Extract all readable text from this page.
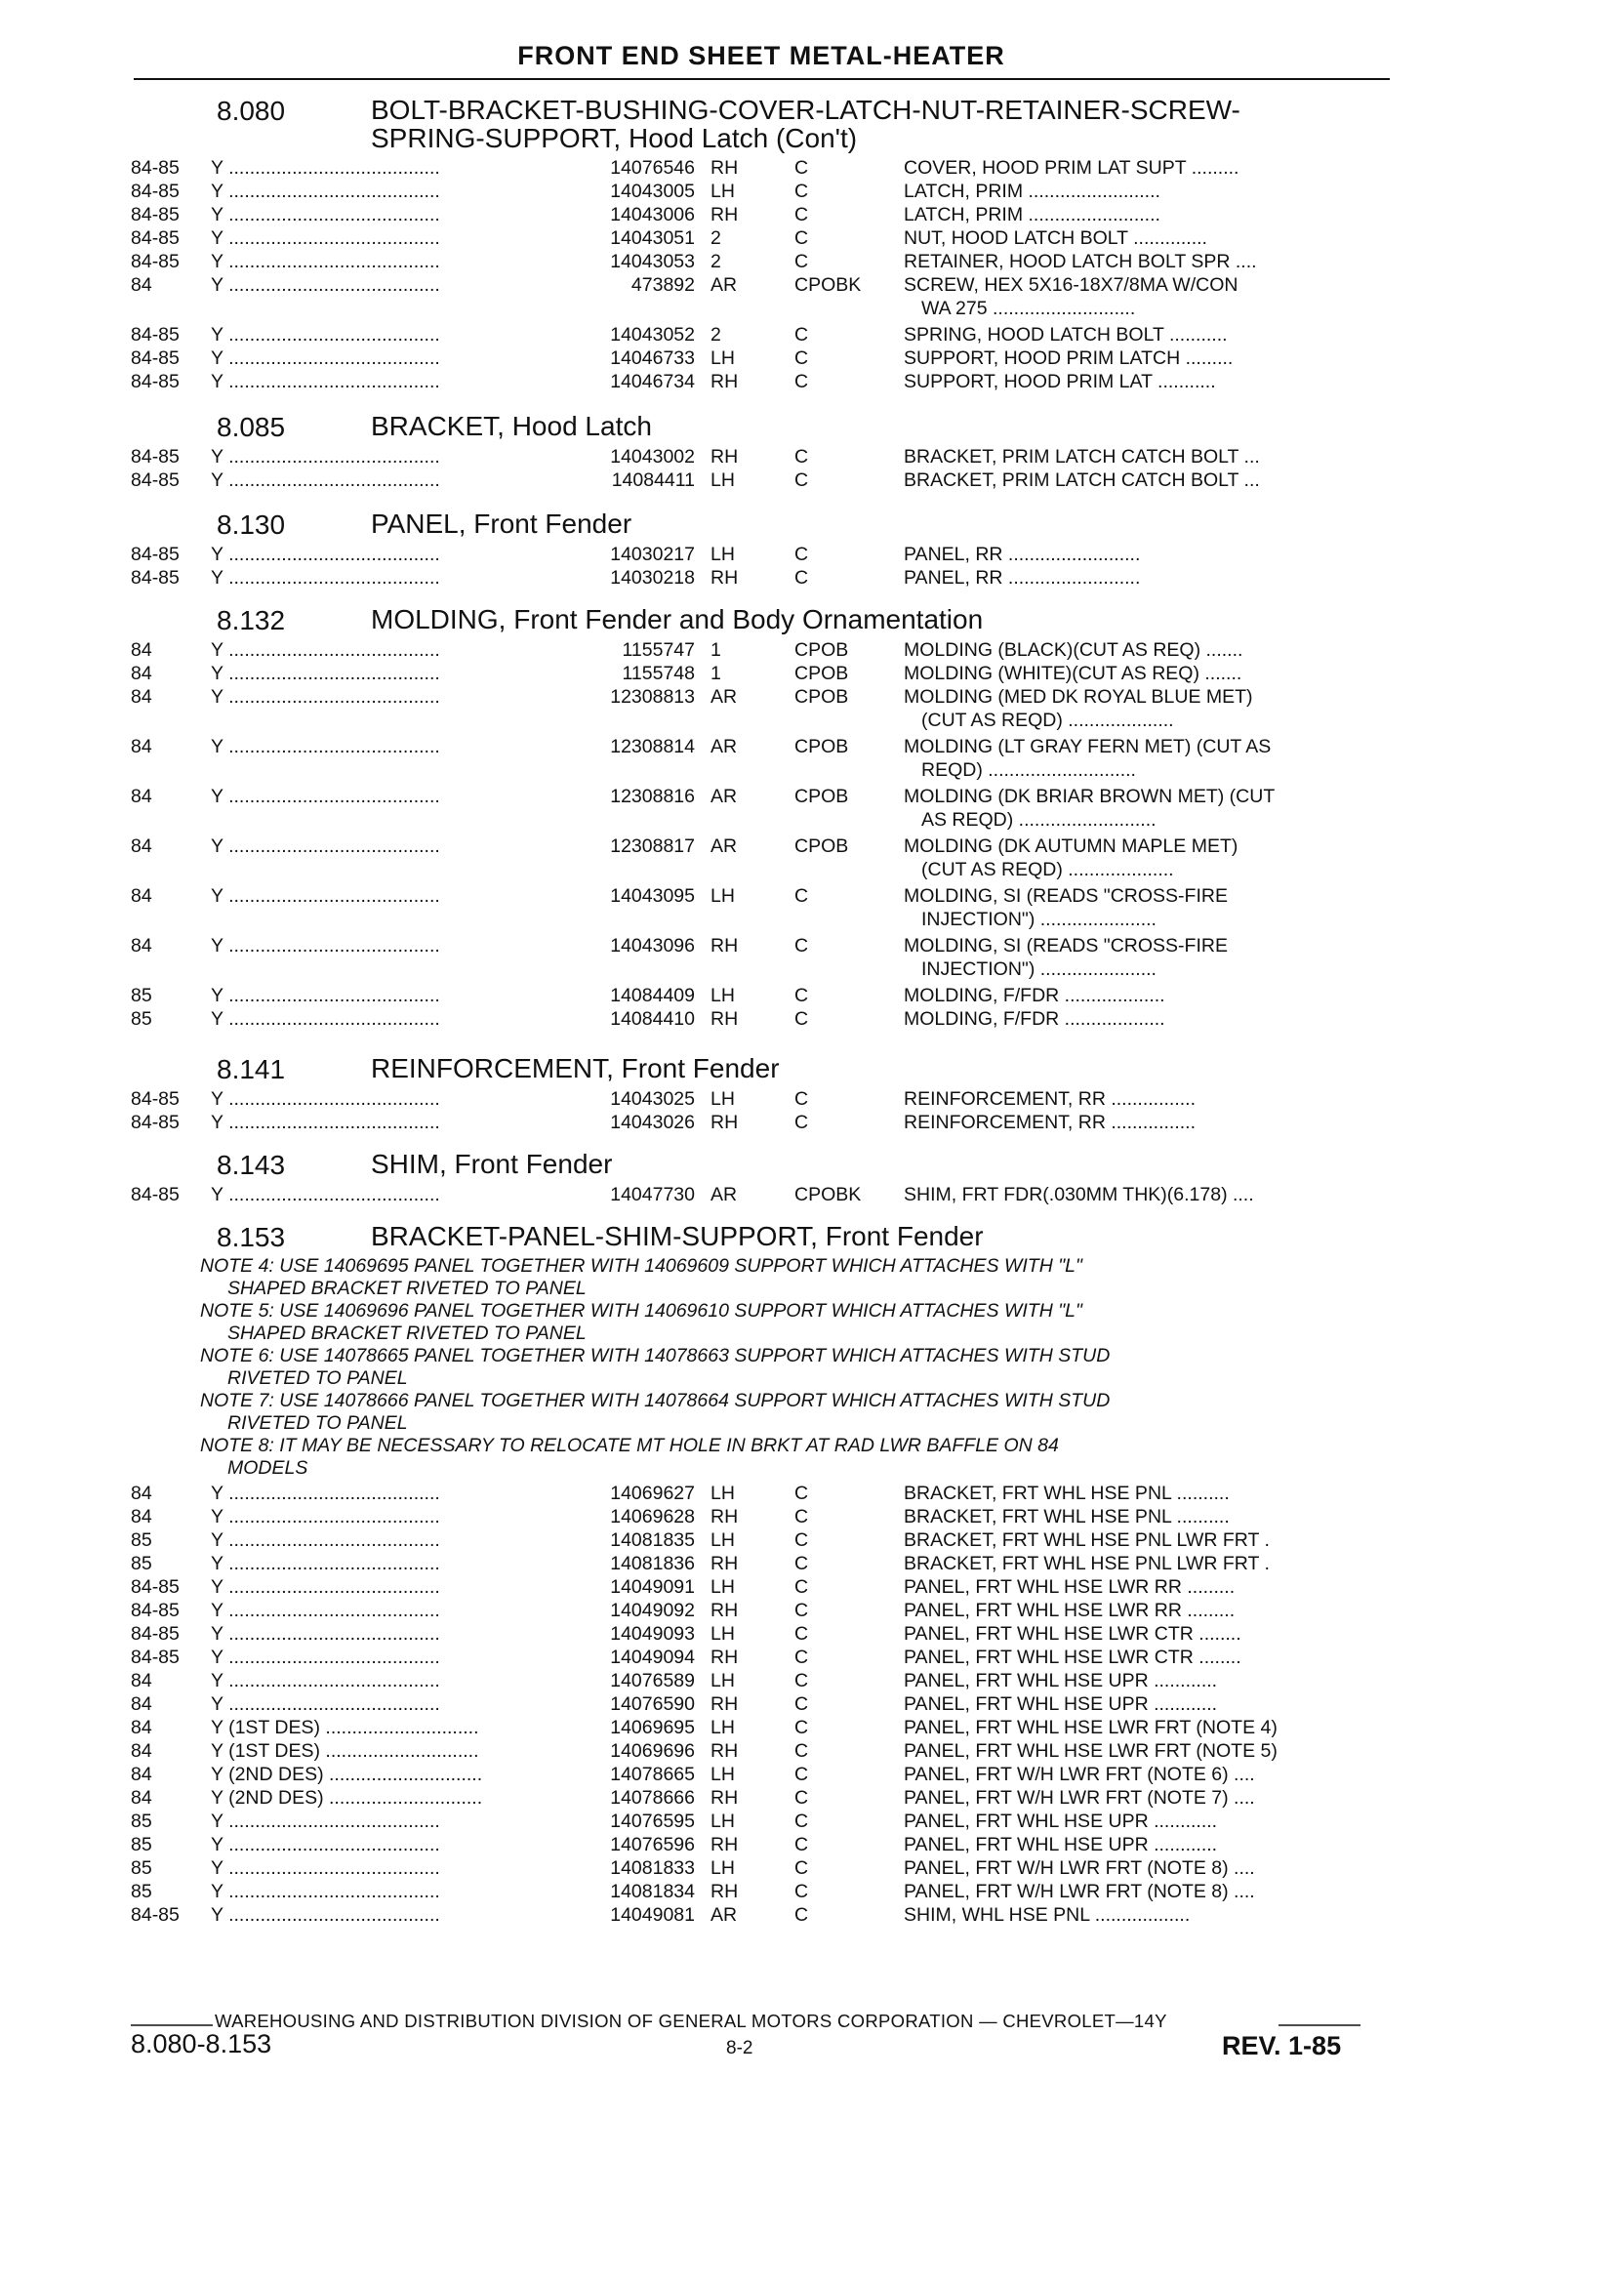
FRONT END SHEET METAL-HEATER
8.080	BOLT-BRACKET-BUSHING-COVER-LATCH-NUT-RETAINER-SCREW-SPRING-SUPPORT, Hood Latch (Con't)
84-85	Y ........................................	14076546 RH	C	COVER, HOOD PRIM LAT SUPT .........
84-85	Y ........................................	14043005 LH	C	LATCH, PRIM .........................
84-85	Y ........................................	14043006 RH	C	LATCH, PRIM .........................
84-85	Y ........................................	14043051 2	C	NUT, HOOD LATCH BOLT ..............
84-85	Y ........................................	14043053 2	C	RETAINER, HOOD LATCH BOLT SPR ....
84	Y ........................................	473892 AR	CPOBK	SCREW, HEX 5X16-18X7/8MA W/CON
WA 275 ...........................
84-85	Y ........................................	14043052 2	C	SPRING, HOOD LATCH BOLT ...........
84-85	Y ........................................	14046733 LH	C	SUPPORT, HOOD PRIM LATCH .........
84-85	Y ........................................	14046734 RH	C	SUPPORT, HOOD PRIM LAT ...........
8.085	BRACKET, Hood Latch
84-85	Y ........................................	14043002 RH	C	BRACKET, PRIM LATCH CATCH BOLT ...
84-85	Y ........................................	14084411 LH	C	BRACKET, PRIM LATCH CATCH BOLT ...
8.130	PANEL, Front Fender
84-85	Y ........................................	14030217 LH	C	PANEL, RR .........................
84-85	Y ........................................	14030218 RH	C	PANEL, RR .........................
8.132	MOLDING, Front Fender and Body Ornamentation
84	Y ........................................	1155747 1	CPOB	MOLDING (BLACK)(CUT AS REQ) .......
84	Y ........................................	1155748 1	CPOB	MOLDING (WHITE)(CUT AS REQ) .......
84	Y ........................................	12308813 AR	CPOB	MOLDING (MED DK ROYAL BLUE MET)
(CUT AS REQD) ....................
84	Y ........................................	12308814 AR	CPOB	MOLDING (LT GRAY FERN MET) (CUT AS
REQD) ............................
84	Y ........................................	12308816 AR	CPOB	MOLDING (DK BRIAR BROWN MET) (CUT
AS REQD) ..........................
84	Y ........................................	12308817 AR	CPOB	MOLDING (DK AUTUMN MAPLE MET)
(CUT AS REQD) ....................
84	Y ........................................	14043095 LH	C	MOLDING, SI (READS "CROSS-FIRE
INJECTION") ......................
84	Y ........................................	14043096 RH	C	MOLDING, SI (READS "CROSS-FIRE
INJECTION") ......................
85	Y ........................................	14084409 LH	C	MOLDING, F/FDR ...................
85	Y ........................................	14084410 RH	C	MOLDING, F/FDR ...................
8.141	REINFORCEMENT, Front Fender
84-85	Y ........................................	14043025 LH	C	REINFORCEMENT, RR ................
84-85	Y ........................................	14043026 RH	C	REINFORCEMENT, RR ................
8.143	SHIM, Front Fender
84-85	Y ........................................	14047730 AR	CPOBK	SHIM, FRT FDR(.030MM THK)(6.178) ....
8.153	BRACKET-PANEL-SHIM-SUPPORT, Front Fender

NOTE 4: USE 14069695 PANEL TOGETHER WITH 14069609 SUPPORT WHICH ATTACHES WITH "L"

SHAPED BRACKET RIVETED TO PANEL

NOTE 5: USE 14069696 PANEL TOGETHER WITH 14069610 SUPPORT WHICH ATTACHES WITH "L"

SHAPED BRACKET RIVETED TO PANEL

NOTE 6: USE 14078665 PANEL TOGETHER WITH 14078663 SUPPORT WHICH ATTACHES WITH STUD

RIVETED TO PANEL

NOTE 7: USE 14078666 PANEL TOGETHER WITH 14078664 SUPPORT WHICH ATTACHES WITH STUD

RIVETED TO PANEL

NOTE 8: IT MAY BE NECESSARY TO RELOCATE MT HOLE IN BRKT AT RAD LWR BAFFLE ON 84

MODELS

84	Y ........................................	14069627 LH	C	BRACKET, FRT WHL HSE PNL ..........
84	Y ........................................	14069628 RH	C	BRACKET, FRT WHL HSE PNL ..........
85	Y ........................................	14081835 LH	C	BRACKET, FRT WHL HSE PNL LWR FRT .
85	Y ........................................	14081836 RH	C	BRACKET, FRT WHL HSE PNL LWR FRT .
84-85	Y ........................................	14049091 LH	C	PANEL, FRT WHL HSE LWR RR .........
84-85	Y ........................................	14049092 RH	C	PANEL, FRT WHL HSE LWR RR .........
84-85	Y ........................................	14049093 LH	C	PANEL, FRT WHL HSE LWR CTR ........
84-85	Y ........................................	14049094 RH	C	PANEL, FRT WHL HSE LWR CTR ........
84	Y ........................................	14076589 LH	C	PANEL, FRT WHL HSE UPR ............
84	Y ........................................	14076590 RH	C	PANEL, FRT WHL HSE UPR ............
84	Y (1ST DES) .............................	14069695 LH	C	PANEL, FRT WHL HSE LWR FRT (NOTE 4)
84	Y (1ST DES) .............................	14069696 RH	C	PANEL, FRT WHL HSE LWR FRT (NOTE 5)
84	Y (2ND DES) .............................	14078665 LH	C	PANEL, FRT W/H LWR FRT (NOTE 6) ....
84	Y (2ND DES) .............................	14078666 RH	C	PANEL, FRT W/H LWR FRT (NOTE 7) ....
85	Y ........................................	14076595 LH	C	PANEL, FRT WHL HSE UPR ............
85	Y ........................................	14076596 RH	C	PANEL, FRT WHL HSE UPR ............
85	Y ........................................	14081833 LH	C	PANEL, FRT W/H LWR FRT (NOTE 8) ....
85	Y ........................................	14081834 RH	C	PANEL, FRT W/H LWR FRT (NOTE 8) ....
84-85	Y ........................................	14049081 AR	C	SHIM, WHL HSE PNL ..................
WAREHOUSING AND DISTRIBUTION DIVISION OF GENERAL MOTORS CORPORATION — CHEVROLET—14Y
8.080-8.153	8-2	REV. 1-85
